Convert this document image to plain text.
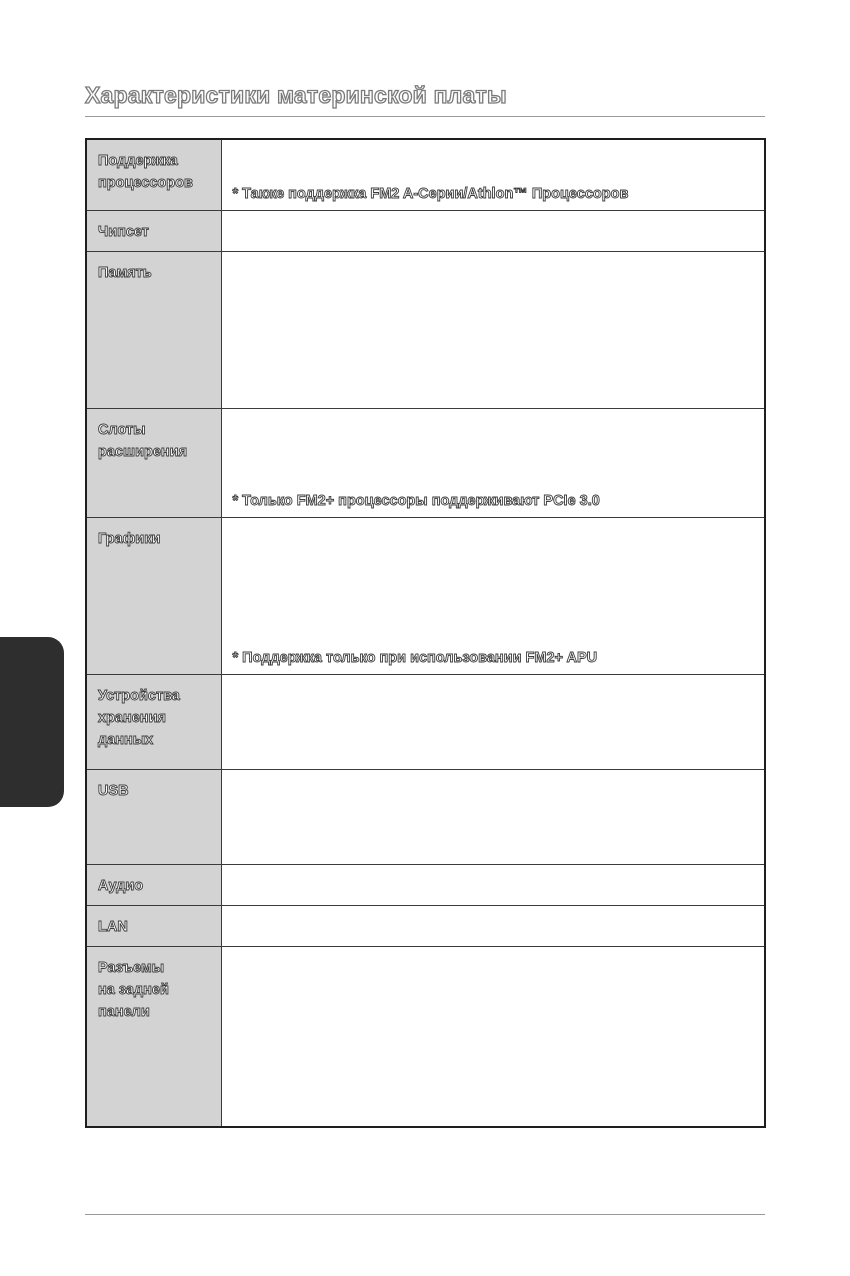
Характеристики материнской платы
Поддержка
процессоров	* Также поддержка FM2 A-Серии/Athlon™ Процессоров

Чипсет	
Память	
Слоты
расширения	* Только FM2+ процессоры поддерживают PCIe 3.0

Графики	* Поддержка только при использовании FM2+ APU

Устройства
хранения
данных	
USB	
Аудио	
LAN	
Разъемы
на задней
панели	
